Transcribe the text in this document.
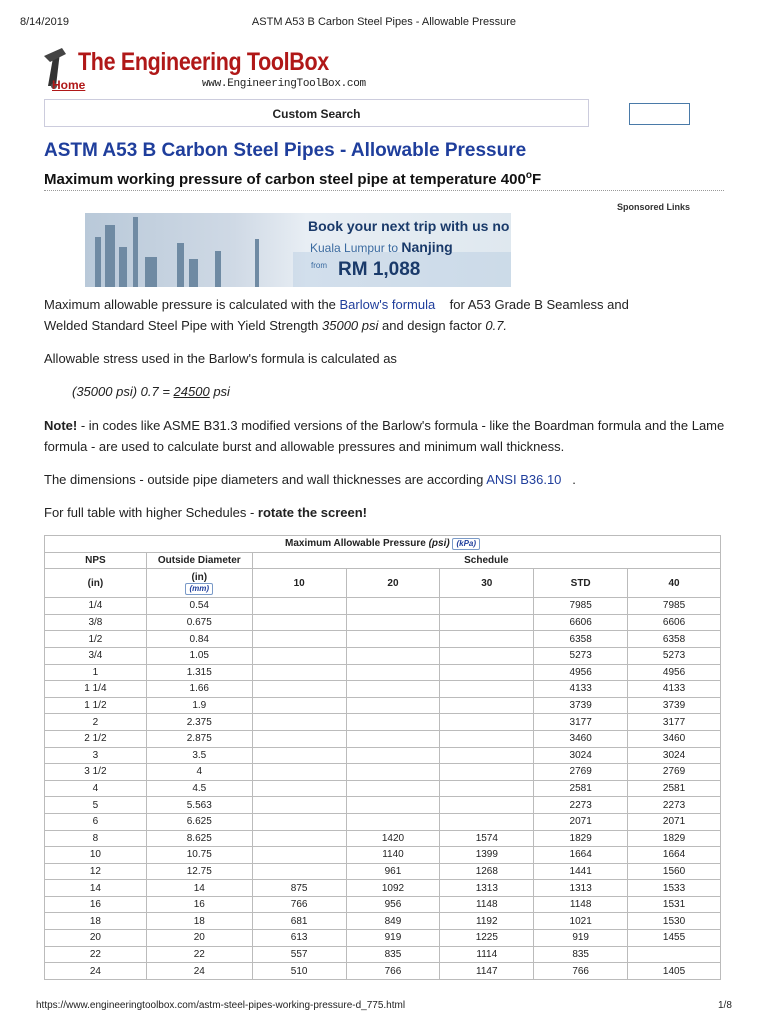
8/14/2019	ASTM A53 B Carbon Steel Pipes - Allowable Pressure
The Engineering ToolBox
www.EngineeringToolBox.com
Home
Custom Search
ASTM A53 B Carbon Steel Pipes - Allowable Pressure
Maximum working pressure of carbon steel pipe at temperature 400$^o$F
Sponsored Links
Book your next trip with us no
Kuala Lumpur to Nanjing
from RM 1,088
Maximum allowable pressure is calculated with the Barlow's formula    for A53 Grade B Seamless and
Welded Standard Steel Pipe with Yield Strength 35000 psi and design factor 0.7.
Allowable stress used in the Barlow's formula is calculated as
(35000 psi) 0.7 = 24500 psi
Note! - in codes like ASME B31.3 modified versions of the Barlow's formula - like the Boardman formula and the Lame formula - are used to calculate burst and allowable pressures and minimum wall thickness.
The dimensions - outside pipe diameters and wall thicknesses are according ANSI B36.10   .
For full table with higher Schedules - rotate the screen!
Maximum Allowable Pressure (psi) (kPa)						
NPS	Outside Diameter	Schedule				
(in)	(in)
(mm)	10	20	30	STD	40
1/4	0.54				7985	7985
3/8	0.675				6606	6606
1/2	0.84				6358	6358
3/4	1.05				5273	5273
1	1.315				4956	4956
1 1/4	1.66				4133	4133
1 1/2	1.9				3739	3739
2	2.375				3177	3177
2 1/2	2.875				3460	3460
3	3.5				3024	3024
3 1/2	4				2769	2769
4	4.5				2581	2581
5	5.563				2273	2273
6	6.625				2071	2071
8	8.625		1420	1574	1829	1829
10	10.75		1140	1399	1664	1664
12	12.75		961	1268	1441	1560
14	14	875	1092	1313	1313	1533
16	16	766	956	1148	1148	1531
18	18	681	849	1192	1021	1530
20	20	613	919	1225	919	1455
22	22	557	835	1114	835	
24	24	510	766	1147	766	1405
https://www.engineeringtoolbox.com/astm-steel-pipes-working-pressure-d_775.html	1/8
